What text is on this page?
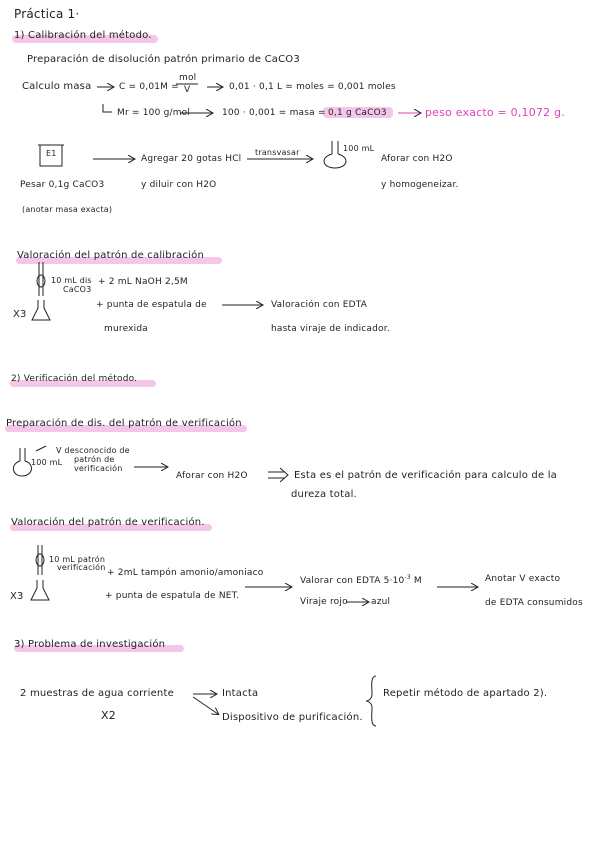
Práctica 1·
1) Calibración del método.
Preparación de disolución patrón primario de CaCO3
Calculo masa	C = 0,01M =
mol
V	0,01 · 0,1 L = moles = 0,001 moles
Mr = 100 g/mol	100 · 0,001 = masa = 0,1 g CaCO3	peso exacto = 0,1072 g.
E1
Pesar 0,1g CaCO3
(anotar masa exacta)
Agregar 20 gotas HCl
y diluir con H2O
transvasar	100 mL
Aforar con H2O
y homogeneizar.
Valoración del patrón de calibración
10 mL dis
CaCO3
X3
+ 2 mL NaOH 2,5M
+ punta de espatula de
murexida
Valoración con EDTA
hasta viraje de indicador.
2) Verificación del método.
Preparación de dis. del patrón de verificación
V desconocido de
patrón de
verificación
100 mL
Aforar con H2O	Esta es el patrón de verificación para calculo de la
dureza total.
Valoración del patrón de verificación.
10 mL patrón
verificación
X3
+ 2mL tampón amonio/amoniaco
+ punta de espatula de NET.
Valorar con EDTA $5\cdot 10^{-3}$ M
Viraje rojo	azul
Anotar V exacto
de EDTA consumidos
3) Problema de investigación
2 muestras de agua corriente
X2
Intacta
Dispositivo de purificación.
Repetir método de apartado 2).
